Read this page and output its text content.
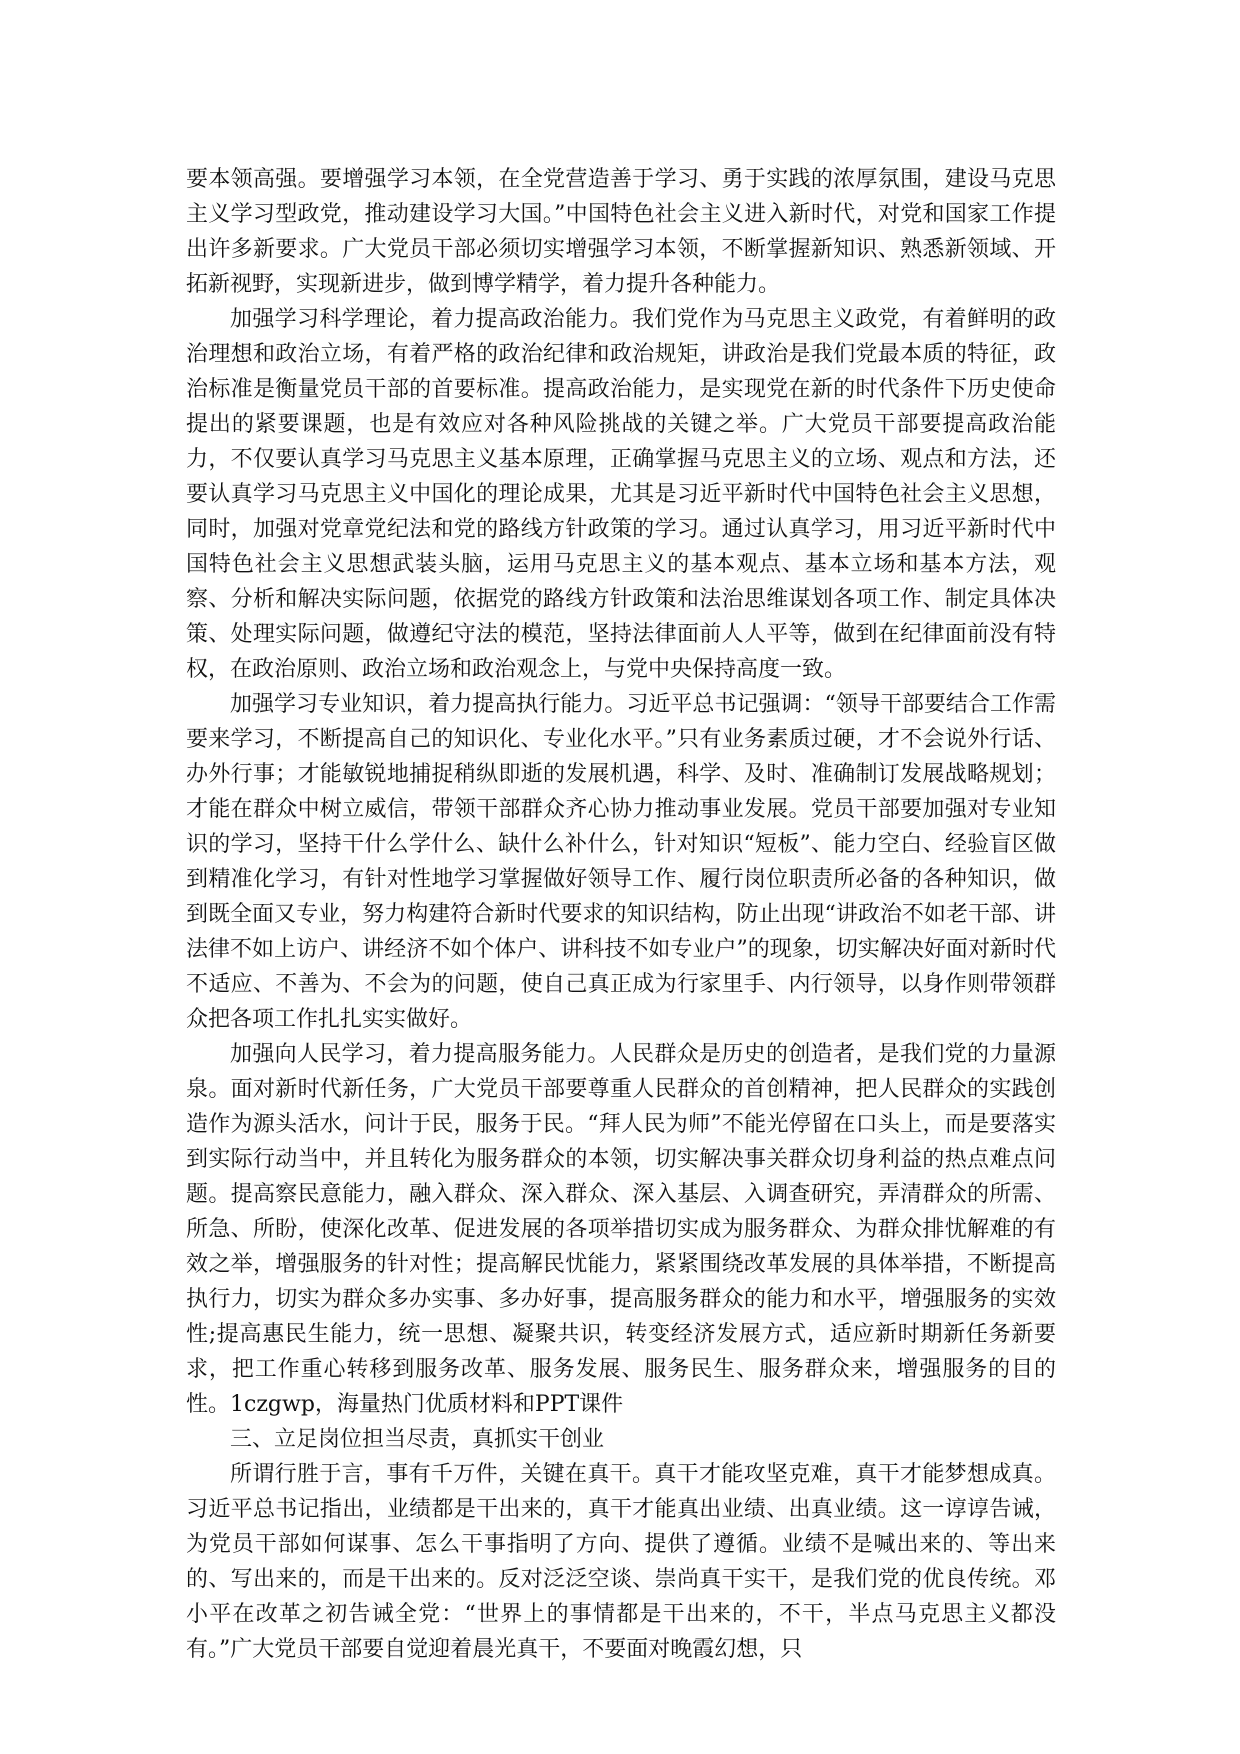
要本领高强。要增强学习本领，在全党营造善于学习、勇于实践的浓厚氛围，建设马克思主义学习型政党，推动建设学习大国。”中国特色社会主义进入新时代，对党和国家工作提出许多新要求。广大党员干部必须切实增强学习本领，不断掌握新知识、熟悉新领域、开拓新视野，实现新进步，做到博学精学，着力提升各种能力。

加强学习科学理论，着力提高政治能力。我们党作为马克思主义政党，有着鲜明的政治理想和政治立场，有着严格的政治纪律和政治规矩，讲政治是我们党最本质的特征，政治标准是衡量党员干部的首要标准。提高政治能力，是实现党在新的时代条件下历史使命提出的紧要课题，也是有效应对各种风险挑战的关键之举。广大党员干部要提高政治能力，不仅要认真学习马克思主义基本原理，正确掌握马克思主义的立场、观点和方法，还要认真学习马克思主义中国化的理论成果，尤其是习近平新时代中国特色社会主义思想，同时，加强对党章党纪法和党的路线方针政策的学习。通过认真学习，用习近平新时代中国特色社会主义思想武装头脑，运用马克思主义的基本观点、基本立场和基本方法，观察、分析和解决实际问题，依据党的路线方针政策和法治思维谋划各项工作、制定具体决策、处理实际问题，做遵纪守法的模范，坚持法律面前人人平等，做到在纪律面前没有特权，在政治原则、政治立场和政治观念上，与党中央保持高度一致。

加强学习专业知识，着力提高执行能力。习近平总书记强调：“领导干部要结合工作需要来学习，不断提高自己的知识化、专业化水平。”只有业务素质过硬，才不会说外行话、办外行事；才能敏锐地捕捉稍纵即逝的发展机遇，科学、及时、准确制订发展战略规划；才能在群众中树立威信，带领干部群众齐心协力推动事业发展。党员干部要加强对专业知识的学习，坚持干什么学什么、缺什么补什么，针对知识“短板”、能力空白、经验盲区做到精准化学习，有针对性地学习掌握做好领导工作、履行岗位职责所必备的各种知识，做到既全面又专业，努力构建符合新时代要求的知识结构，防止出现“讲政治不如老干部、讲法律不如上访户、讲经济不如个体户、讲科技不如专业户”的现象，切实解决好面对新时代不适应、不善为、不会为的问题，使自己真正成为行家里手、内行领导，以身作则带领群众把各项工作扎扎实实做好。

加强向人民学习，着力提高服务能力。人民群众是历史的创造者，是我们党的力量源泉。面对新时代新任务，广大党员干部要尊重人民群众的首创精神，把人民群众的实践创造作为源头活水，问计于民，服务于民。“拜人民为师”不能光停留在口头上，而是要落实到实际行动当中，并且转化为服务群众的本领，切实解决事关群众切身利益的热点难点问题。提高察民意能力，融入群众、深入群众、深入基层、入调查研究，弄清群众的所需、所急、所盼，使深化改革、促进发展的各项举措切实成为服务群众、为群众排忧解难的有效之举，增强服务的针对性；提高解民忧能力，紧紧围绕改革发展的具体举措，不断提高执行力，切实为群众多办实事、多办好事，提高服务群众的能力和水平，增强服务的实效性;提高惠民生能力，统一思想、凝聚共识，转变经济发展方式，适应新时期新任务新要求，把工作重心转移到服务改革、服务发展、服务民生、服务群众来，增强服务的目的性。1czgwp，海量热门优质材料和PPT课件

三、立足岗位担当尽责，真抓实干创业

所谓行胜于言，事有千万件，关键在真干。真干才能攻坚克难，真干才能梦想成真。习近平总书记指出，业绩都是干出来的，真干才能真出业绩、出真业绩。这一谆谆告诫，为党员干部如何谋事、怎么干事指明了方向、提供了遵循。业绩不是喊出来的、等出来的、写出来的，而是干出来的。反对泛泛空谈、崇尚真干实干，是我们党的优良传统。邓小平在改革之初告诫全党：“世界上的事情都是干出来的，不干，半点马克思主义都没有。”广大党员干部要自觉迎着晨光真干，不要面对晚霞幻想，只
